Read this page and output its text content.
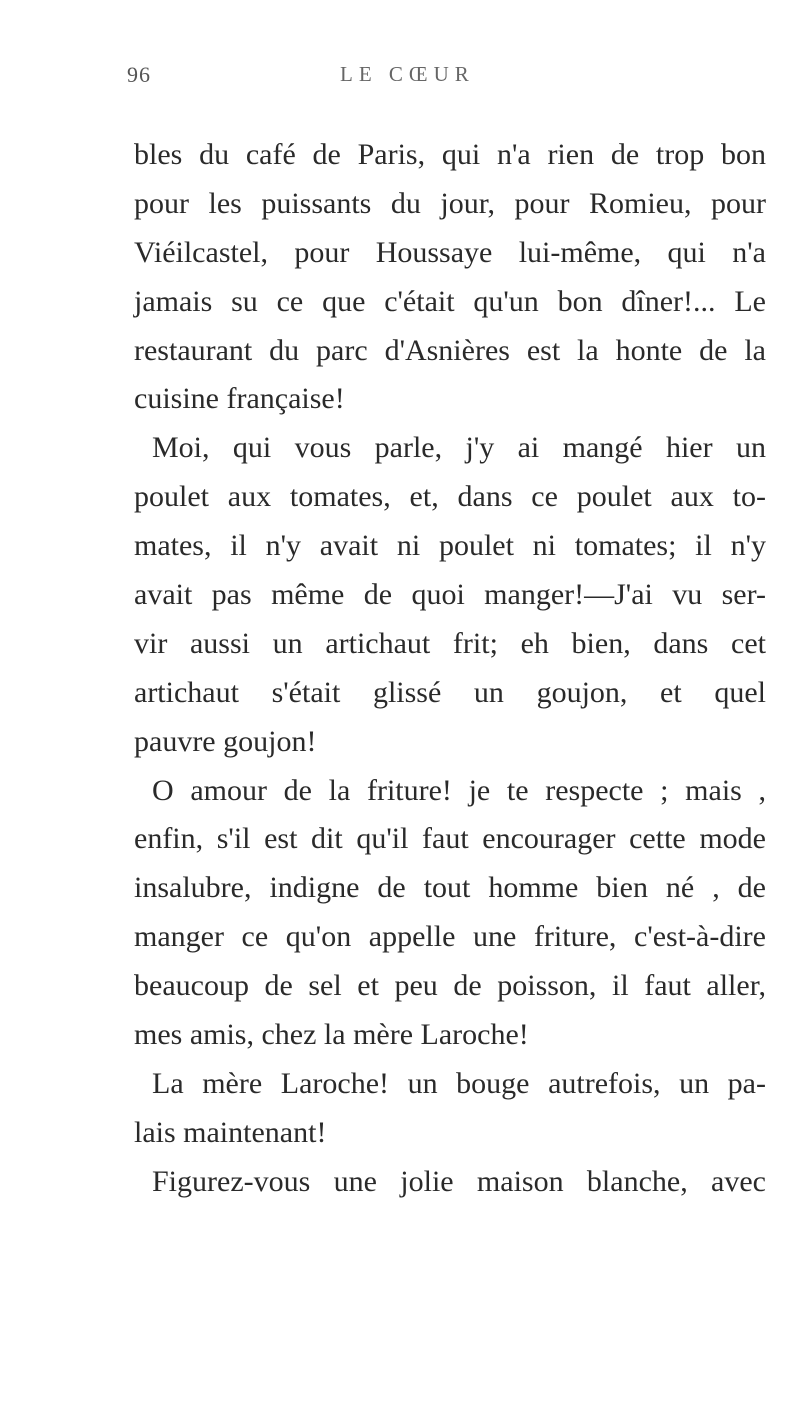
96	LE CŒUR
bles du café de Paris, qui n'a rien de trop bon
pour les puissants du jour, pour Romieu, pour
Viéilcastel, pour Houssaye lui-même, qui n'a
jamais su ce que c'était qu'un bon dîner!... Le
restaurant du parc d'Asnières est la honte de la
cuisine française!
Moi, qui vous parle, j'y ai mangé hier un
poulet aux tomates, et, dans ce poulet aux to-
mates, il n'y avait ni poulet ni tomates; il n'y
avait pas même de quoi manger!—J'ai vu ser-
vir aussi un artichaut frit; eh bien, dans cet
artichaut s'était glissé un goujon, et quel
pauvre goujon!
O amour de la friture! je te respecte ; mais ,
enfin, s'il est dit qu'il faut encourager cette mode
insalubre, indigne de tout homme bien né , de
manger ce qu'on appelle une friture, c'est-à-dire
beaucoup de sel et peu de poisson, il faut aller,
mes amis, chez la mère Laroche!
La mère Laroche! un bouge autrefois, un pa-
lais maintenant!
Figurez-vous une jolie maison blanche, avec
